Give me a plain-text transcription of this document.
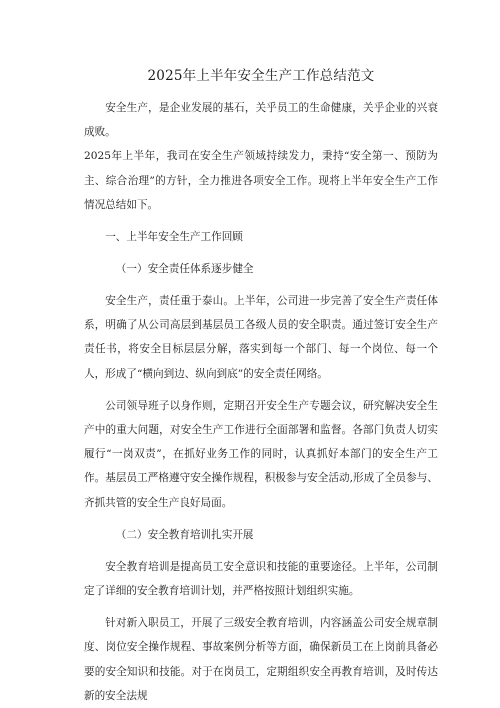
2025年上半年安全生产工作总结范文

安全生产，是企业发展的基石，关乎员工的生命健康，关乎企业的兴衰成败。

2025年上半年，我司在安全生产领域持续发力，秉持“安全第一、预防为主、综合治理”的方针，全力推进各项安全工作。现将上半年安全生产工作情况总结如下。

一、上半年安全生产工作回顾

（一）安全责任体系逐步健全

安全生产，责任重于泰山。上半年，公司进一步完善了安全生产责任体系，明确了从公司高层到基层员工各级人员的安全职责。通过签订安全生产责任书，将安全目标层层分解，落实到每一个部门、每一个岗位、每一个人，形成了“横向到边、纵向到底”的安全责任网络。

公司领导班子以身作则，定期召开安全生产专题会议，研究解决安全生产中的重大问题，对安全生产工作进行全面部署和监督。各部门负责人切实履行“一岗双责”，在抓好业务工作的同时，认真抓好本部门的安全生产工作。基层员工严格遵守安全操作规程，积极参与安全活动,形成了全员参与、齐抓共管的安全生产良好局面。

（二）安全教育培训扎实开展

安全教育培训是提高员工安全意识和技能的重要途径。上半年，公司制定了详细的安全教育培训计划，并严格按照计划组织实施。

针对新入职员工，开展了三级安全教育培训，内容涵盖公司安全规章制度、岗位安全操作规程、事故案例分析等方面，确保新员工在上岗前具备必要的安全知识和技能。对于在岗员工，定期组织安全再教育培训，及时传达新的安全法规
